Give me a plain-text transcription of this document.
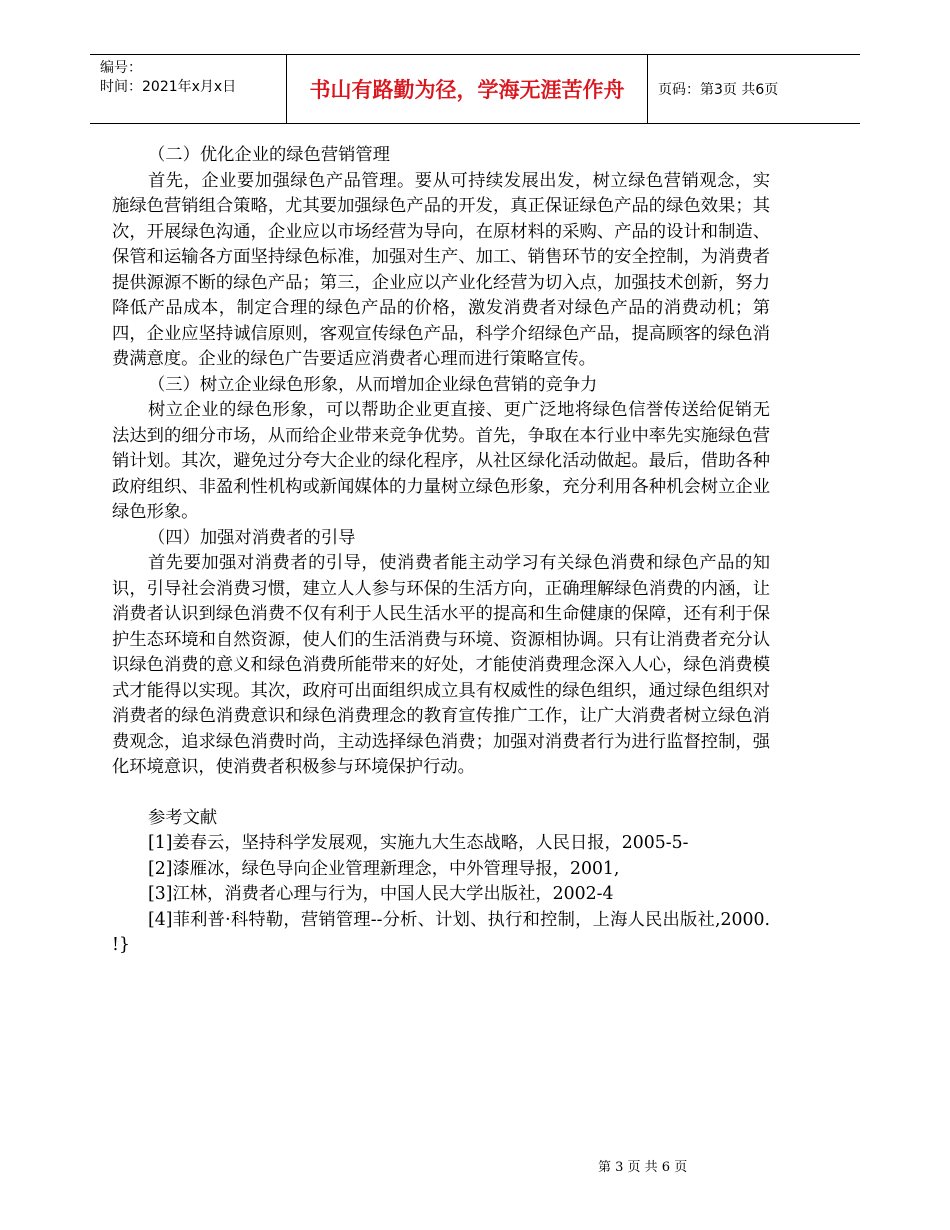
编号：
时间：2021年x月x日	书山有路勤为径，学海无涯苦作舟	页码：第3页 共6页

（二）优化企业的绿色营销管理

首先，企业要加强绿色产品管理。要从可持续发展出发，树立绿色营销观念，实施绿色营销组合策略，尤其要加强绿色产品的开发，真正保证绿色产品的绿色效果；其次，开展绿色沟通，企业应以市场经营为导向，在原材料的采购、产品的设计和制造、保管和运输各方面坚持绿色标准，加强对生产、加工、销售环节的安全控制，为消费者提供源源不断的绿色产品；第三，企业应以产业化经营为切入点，加强技术创新，努力降低产品成本，制定合理的绿色产品的价格，激发消费者对绿色产品的消费动机；第四，企业应坚持诚信原则，客观宣传绿色产品，科学介绍绿色产品，提高顾客的绿色消费满意度。企业的绿色广告要适应消费者心理而进行策略宣传。

（三）树立企业绿色形象，从而增加企业绿色营销的竞争力

树立企业的绿色形象，可以帮助企业更直接、更广泛地将绿色信誉传送给促销无法达到的细分市场，从而给企业带来竞争优势。首先，争取在本行业中率先实施绿色营销计划。其次，避免过分夸大企业的绿化程序，从社区绿化活动做起。最后，借助各种政府组织、非盈利性机构或新闻媒体的力量树立绿色形象，充分利用各种机会树立企业绿色形象。

（四）加强对消费者的引导

首先要加强对消费者的引导，使消费者能主动学习有关绿色消费和绿色产品的知识，引导社会消费习惯，建立人人参与环保的生活方向，正确理解绿色消费的内涵，让消费者认识到绿色消费不仅有利于人民生活水平的提高和生命健康的保障，还有利于保护生态环境和自然资源，使人们的生活消费与环境、资源相协调。只有让消费者充分认识绿色消费的意义和绿色消费所能带来的好处，才能使消费理念深入人心，绿色消费模式才能得以实现。其次，政府可出面组织成立具有权威性的绿色组织，通过绿色组织对消费者的绿色消费意识和绿色消费理念的教育宣传推广工作，让广大消费者树立绿色消费观念，追求绿色消费时尚，主动选择绿色消费；加强对消费者行为进行监督控制，强化环境意识，使消费者积极参与环境保护行动。

参考文献

[1]姜春云，坚持科学发展观，实施九大生态战略，人民日报，2005-5-

[2]漆雁冰，绿色导向企业管理新理念，中外管理导报，2001,

[3]江林，消费者心理与行为，中国人民大学出版社，2002-4

[4]菲利普·科特勒，营销管理--分析、计划、执行和控制，上海人民出版社,2000. !}

第 3 页 共 6 页
